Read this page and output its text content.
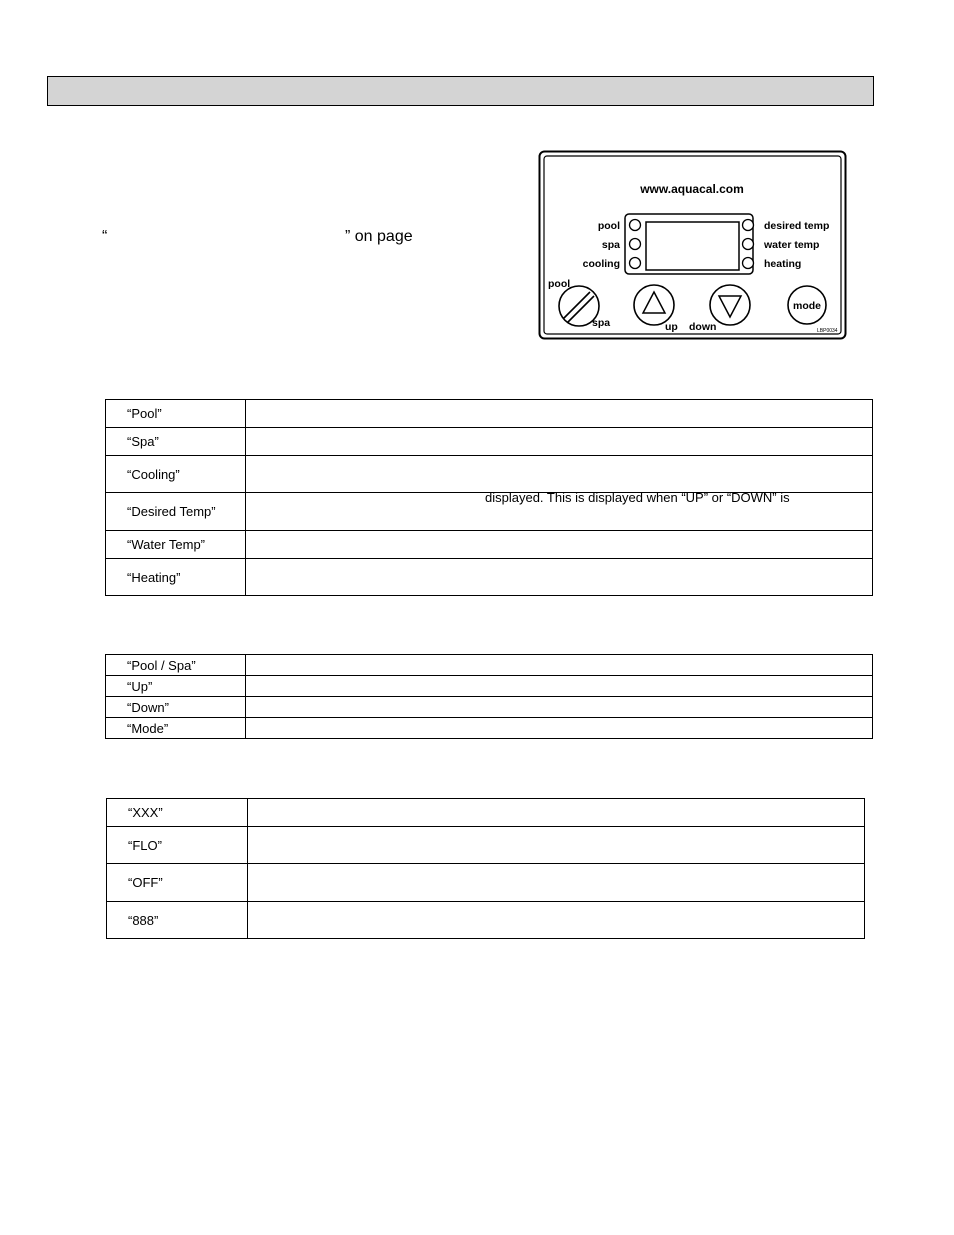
“	” on page
www.aquacal.com
pool
spa
cooling
desired temp
water temp
heating
pool
spa	up down
mode
LBP0034
“Pool”	
“Spa”	
“Cooling”	
“Desired Temp”	displayed. This is displayed when “UP” or “DOWN” is
“Water Temp”	
“Heating”	
“Pool / Spa”	
“Up”	
“Down”	
“Mode”	
“XXX”	
“FLO”	
“OFF”	
“888”	
